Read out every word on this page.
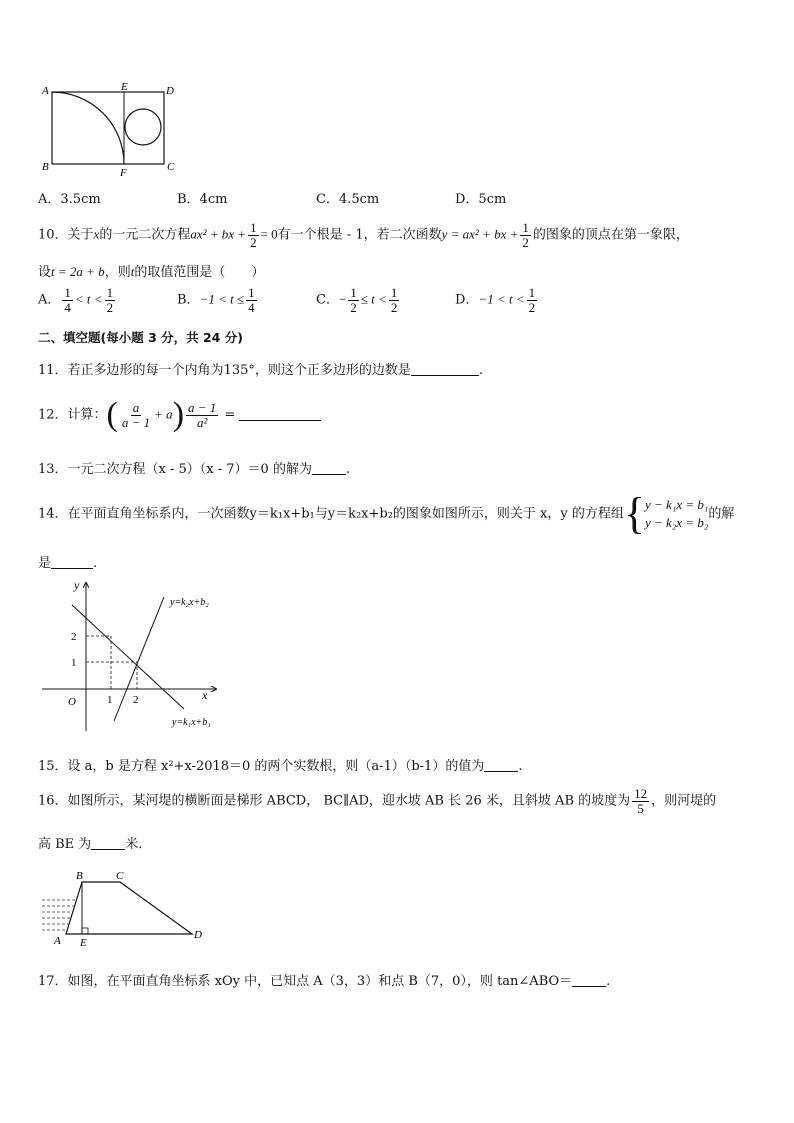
A	E	D
B	F	C
A．3.5cm	B．4cm	C．4.5cm	D．5cm
10．关于x的一元二次方程ax² + bx + $\frac{1}{2} = 0$有一个根是 - 1，若二次函数y = ax² + bx + $\frac{1}{2}$ 的图象的顶点在第一象限，
设t = 2a + b，则t的取值范围是（　　）
A． $\frac{1}{4} < t < \frac{1}{2}$	B．$-1 < t \le \frac{1}{4}$	C．− $\frac{1}{2} \le t < \frac{1}{2}$	D．$-1 < t < \frac{1}{2}$
二、填空题(每小题 3 分，共 24 分)
11．若正多边形的每一个内角为135°，则这个正多边形的边数是	.
12．计算：( $\frac{a}{a - 1} + a) \frac{a - 1}{\text{a²}}$ =
13．一元二次方程（x - 5）（x - 7）＝0 的解为	.
14．在平面直角坐标系内，一次函数y＝k₁x+b₁与y＝k₂x+b₂的图象如图所示，则关于 x，y 的方程组{ y − k₁x = b₁
y − k₂x = b₂
的解
是	.
y
x
O
2
1
1 2
y=k₂x+b₂
y=k₁x+b₁
15．设 a，b 是方程 x²+x-2018＝0 的两个实数根，则（a-1）（b-1）的值为	.
16．如图所示，某河堤的横断面是梯形 ABCD， BC∥AD，迎水坡 AB 长 26 米，且斜坡 AB 的坡度为 $\frac{12}{5}$ ，则河堤的
高 BE 为	米．
B	C
A E
D
17．如图，在平面直角坐标系 xOy 中，已知点 A（3，3）和点 B（7，0），则 tan∠ABO＝	.
